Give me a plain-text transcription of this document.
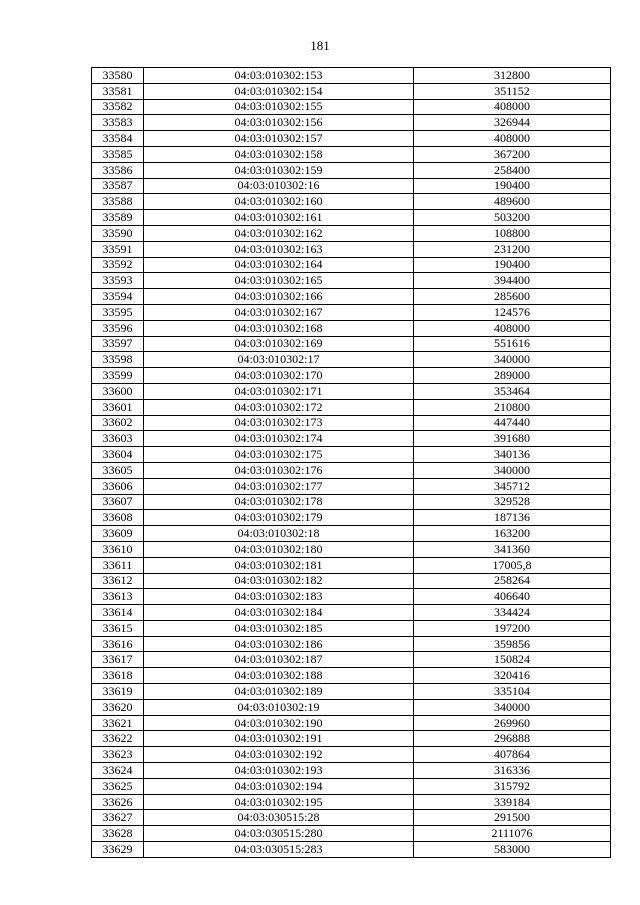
181
33580	04:03:010302:153	312800
33581	04:03:010302:154	351152
33582	04:03:010302:155	408000
33583	04:03:010302:156	326944
33584	04:03:010302:157	408000
33585	04:03:010302:158	367200
33586	04:03:010302:159	258400
33587	04:03:010302:16	190400
33588	04:03:010302:160	489600
33589	04:03:010302:161	503200
33590	04:03:010302:162	108800
33591	04:03:010302:163	231200
33592	04:03:010302:164	190400
33593	04:03:010302:165	394400
33594	04:03:010302:166	285600
33595	04:03:010302:167	124576
33596	04:03:010302:168	408000
33597	04:03:010302:169	551616
33598	04:03:010302:17	340000
33599	04:03:010302:170	289000
33600	04:03:010302:171	353464
33601	04:03:010302:172	210800
33602	04:03:010302:173	447440
33603	04:03:010302:174	391680
33604	04:03:010302:175	340136
33605	04:03:010302:176	340000
33606	04:03:010302:177	345712
33607	04:03:010302:178	329528
33608	04:03:010302:179	187136
33609	04:03:010302:18	163200
33610	04:03:010302:180	341360
33611	04:03:010302:181	17005,8
33612	04:03:010302:182	258264
33613	04:03:010302:183	406640
33614	04:03:010302:184	334424
33615	04:03:010302:185	197200
33616	04:03:010302:186	359856
33617	04:03:010302:187	150824
33618	04:03:010302:188	320416
33619	04:03:010302:189	335104
33620	04:03:010302:19	340000
33621	04:03:010302:190	269960
33622	04:03:010302:191	296888
33623	04:03:010302:192	407864
33624	04:03:010302:193	316336
33625	04:03:010302:194	315792
33626	04:03:010302:195	339184
33627	04:03:030515:28	291500
33628	04:03:030515:280	2111076
33629	04:03:030515:283	583000
